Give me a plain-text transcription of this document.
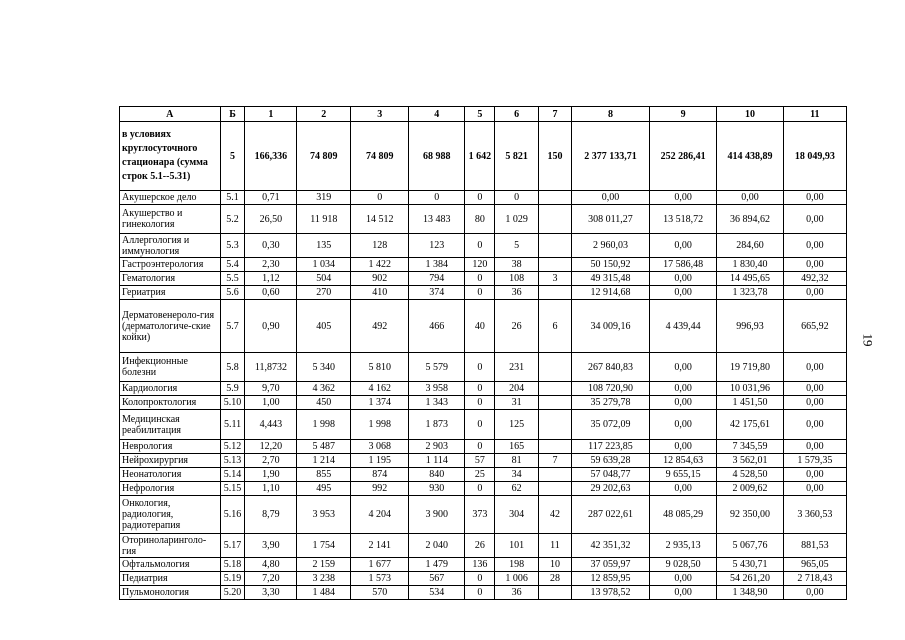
А	Б	1	2	3	4	5	6	7	8	9	10	11
в условиях круглосуточного стационара (сумма строк 5.1--5.31)	5	166,336	74 809	74 809	68 988	1 642	5 821	150	2 377 133,71	252 286,41	414 438,89	18 049,93
Акушерское дело	5.1	0,71	319	0	0	0	0		0,00	0,00	0,00	0,00
Акушерство и гинекология	5.2	26,50	11 918	14 512	13 483	80	1 029		308 011,27	13 518,72	36 894,62	0,00
Аллергология и иммунология	5.3	0,30	135	128	123	0	5		2 960,03	0,00	284,60	0,00
Гастроэнтерология	5.4	2,30	1 034	1 422	1 384	120	38		50 150,92	17 586,48	1 830,40	0,00
Гематология	5.5	1,12	504	902	794	0	108	3	49 315,48	0,00	14 495,65	492,32
Гериатрия	5.6	0,60	270	410	374	0	36		12 914,68	0,00	1 323,78	0,00
Дерматовенероло-гия (дерматологиче-ские койки)	5.7	0,90	405	492	466	40	26	6	34 009,16	4 439,44	996,93	665,92
Инфекционные болезни	5.8	11,8732	5 340	5 810	5 579	0	231		267 840,83	0,00	19 719,80	0,00
Кардиология	5.9	9,70	4 362	4 162	3 958	0	204		108 720,90	0,00	10 031,96	0,00
Колопроктология	5.10	1,00	450	1 374	1 343	0	31		35 279,78	0,00	1 451,50	0,00
Медицинская реабилитация	5.11	4,443	1 998	1 998	1 873	0	125		35 072,09	0,00	42 175,61	0,00
Неврология	5.12	12,20	5 487	3 068	2 903	0	165		117 223,85	0,00	7 345,59	0,00
Нейрохирургия	5.13	2,70	1 214	1 195	1 114	57	81	7	59 639,28	12 854,63	3 562,01	1 579,35
Неонатология	5.14	1,90	855	874	840	25	34		57 048,77	9 655,15	4 528,50	0,00
Нефрология	5.15	1,10	495	992	930	0	62		29 202,63	0,00	2 009,62	0,00
Онкология, радиология, радиотерапия	5.16	8,79	3 953	4 204	3 900	373	304	42	287 022,61	48 085,29	92 350,00	3 360,53
Оториноларинголо-гия	5.17	3,90	1 754	2 141	2 040	26	101	11	42 351,32	2 935,13	5 067,76	881,53
Офтальмология	5.18	4,80	2 159	1 677	1 479	136	198	10	37 059,97	9 028,50	5 430,71	965,05
Педиатрия	5.19	7,20	3 238	1 573	567	0	1 006	28	12 859,95	0,00	54 261,20	2 718,43
Пульмонология	5.20	3,30	1 484	570	534	0	36		13 978,52	0,00	1 348,90	0,00
19
